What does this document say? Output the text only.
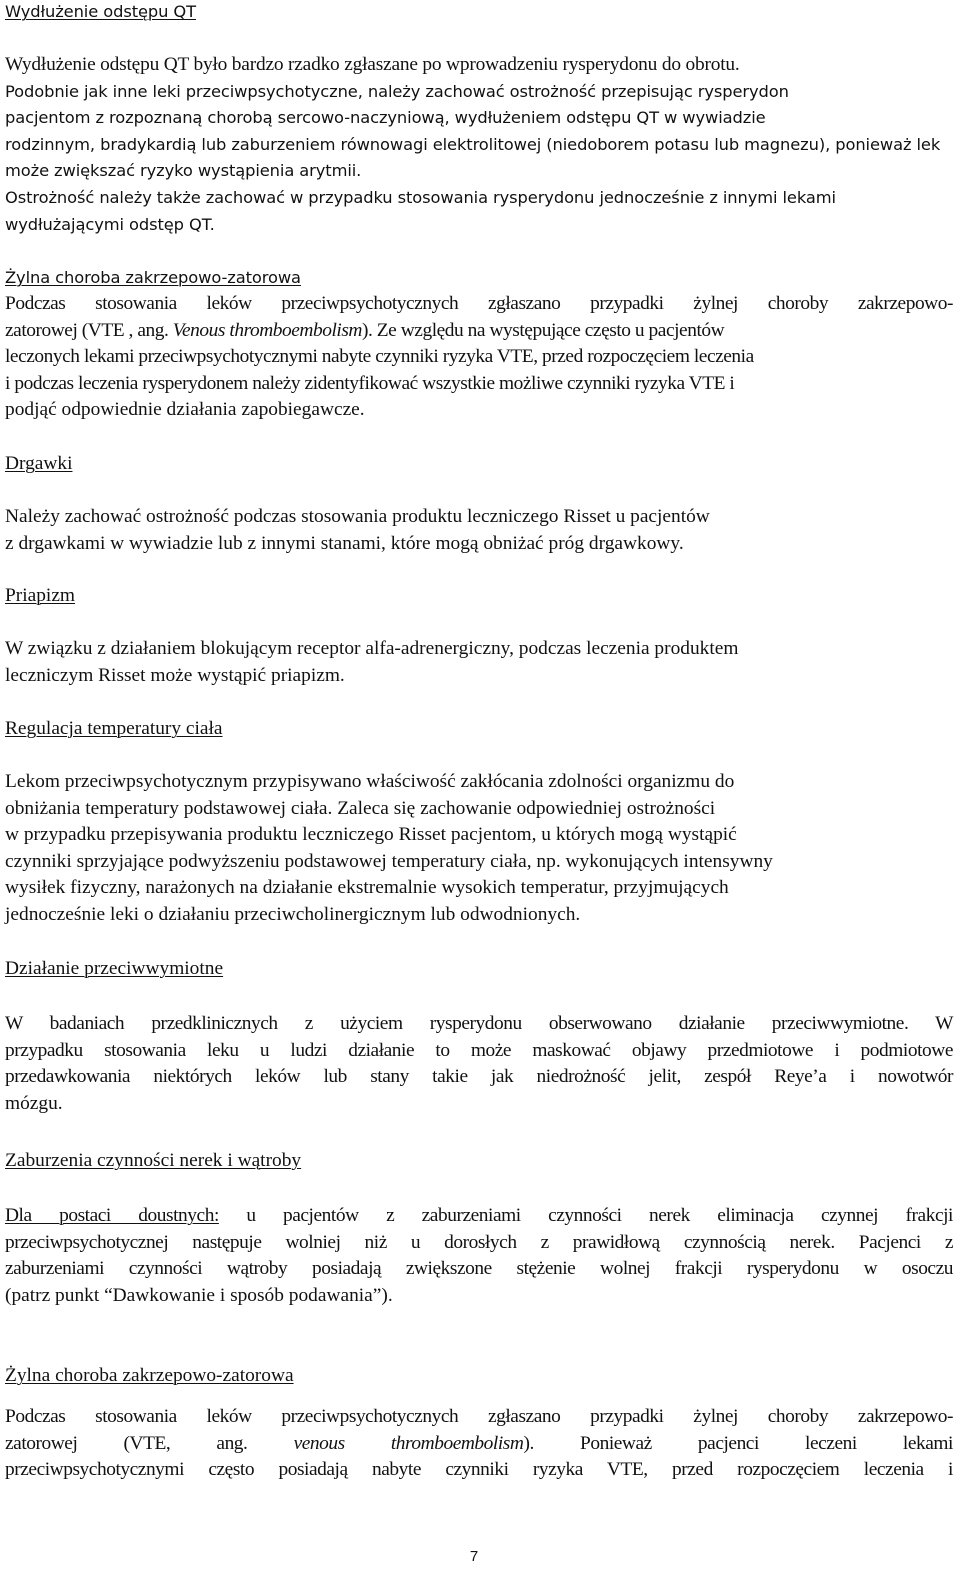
Wydłużenie odstępu QT
Wydłużenie odstępu QT było bardzo rzadko zgłaszane po wprowadzeniu rysperydonu do obrotu.
Podobnie jak inne leki przeciwpsychotyczne, należy zachować ostrożność przepisując rysperydon
pacjentom z rozpoznaną chorobą sercowo-naczyniową, wydłużeniem odstępu QT w wywiadzie
rodzinnym, bradykardią lub zaburzeniem równowagi elektrolitowej (niedoborem potasu lub magnezu), ponieważ lek może zwiększać ryzyko wystąpienia arytmii.
Ostrożność należy także zachować w przypadku stosowania rysperydonu jednocześnie z innymi lekami wydłużającymi odstęp QT.
Żylna choroba zakrzepowo-zatorowa
Podczas stosowania leków przeciwpsychotycznych zgłaszano przypadki żylnej choroby zakrzepowo-
zatorowej (VTE , ang. Venous thromboembolism). Ze względu na występujące często u pacjentów
leczonych lekami przeciwpsychotycznymi nabyte czynniki ryzyka VTE, przed rozpoczęciem leczenia
i podczas leczenia rysperydonem należy zidentyfikować wszystkie możliwe czynniki ryzyka VTE i
podjąć odpowiednie działania zapobiegawcze.
Drgawki
Należy zachować ostrożność podczas stosowania produktu leczniczego Risset u pacjentów
z drgawkami w wywiadzie lub z innymi stanami, które mogą obniżać próg drgawkowy.
Priapizm
W związku z działaniem blokującym receptor alfa-adrenergiczny, podczas leczenia produktem
leczniczym Risset może wystąpić priapizm.
Regulacja temperatury ciała
Lekom przeciwpsychotycznym przypisywano właściwość zakłócania zdolności organizmu do
obniżania temperatury podstawowej ciała. Zaleca się zachowanie odpowiedniej ostrożności
w przypadku przepisywania produktu leczniczego Risset pacjentom, u których mogą wystąpić
czynniki sprzyjające podwyższeniu podstawowej temperatury ciała, np. wykonujących intensywny
wysiłek fizyczny, narażonych na działanie ekstremalnie wysokich temperatur, przyjmujących
jednocześnie leki o działaniu przeciwcholinergicznym lub odwodnionych.
Działanie przeciwwymiotne
W badaniach przedklinicznych z użyciem rysperydonu obserwowano działanie przeciwwymiotne. W
przypadku stosowania leku u ludzi działanie to może maskować objawy przedmiotowe i podmiotowe
przedawkowania niektórych leków lub stany takie jak niedrożność jelit, zespół Reye’a i nowotwór
mózgu.
Zaburzenia czynności nerek i wątroby
Dla postaci doustnych: u pacjentów z zaburzeniami czynności nerek eliminacja czynnej frakcji
przeciwpsychotycznej następuje wolniej niż u dorosłych z prawidłową czynnością nerek. Pacjenci z
zaburzeniami czynności wątroby posiadają zwiększone stężenie wolnej frakcji rysperydonu w osoczu
(patrz punkt “Dawkowanie i sposób podawania”).
Żylna choroba zakrzepowo-zatorowa
Podczas stosowania leków przeciwpsychotycznych zgłaszano przypadki żylnej choroby zakrzepowo-
zatorowej (VTE, ang. venous thromboembolism). Ponieważ pacjenci leczeni lekami
przeciwpsychotycznymi często posiadają nabyte czynniki ryzyka VTE, przed rozpoczęciem leczenia i
7
